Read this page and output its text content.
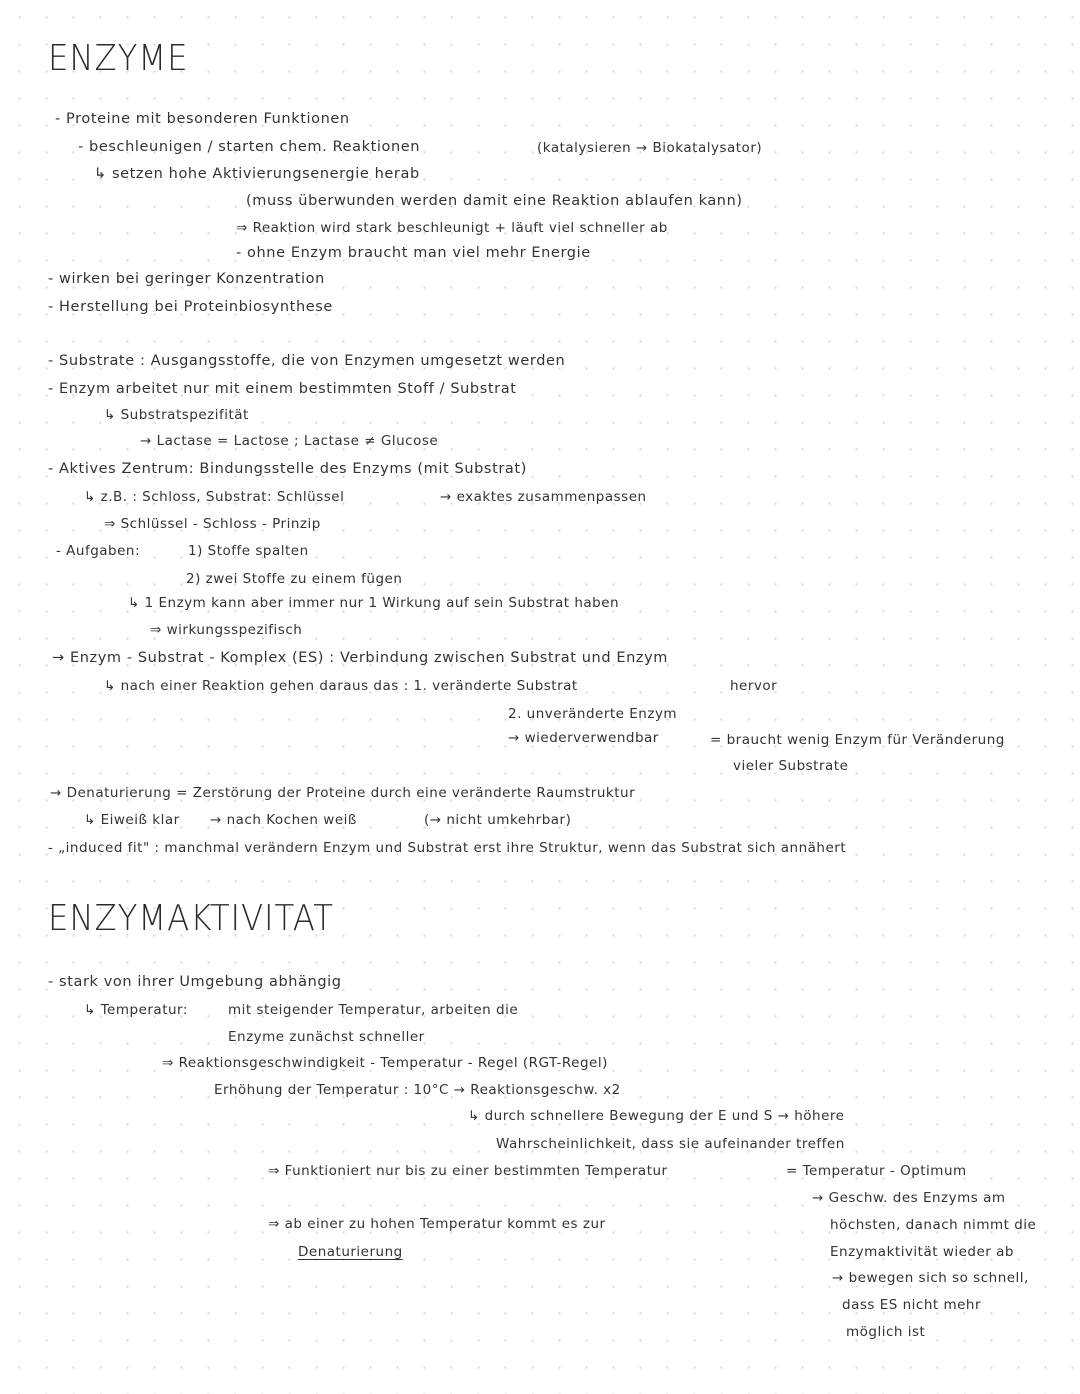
ENZYME
- Proteine mit besonderen Funktionen
- beschleunigen / starten chem. Reaktionen	(katalysieren → Biokatalysator)
↳ setzen hohe Aktivierungsenergie herab
(muss überwunden werden damit eine Reaktion ablaufen kann)
⇒ Reaktion wird stark beschleunigt + läuft viel schneller ab
- ohne Enzym braucht man viel mehr Energie
- wirken bei geringer Konzentration
- Herstellung bei Proteinbiosynthese
- Substrate : Ausgangsstoffe, die von Enzymen umgesetzt werden
- Enzym arbeitet nur mit einem bestimmten Stoff / Substrat
↳ Substratspezifität
→ Lactase = Lactose ; Lactase ≠ Glucose
- Aktives Zentrum: Bindungsstelle des Enzyms (mit Substrat)
↳ z.B. : Schloss, Substrat: Schlüssel	→ exaktes zusammenpassen
⇒ Schlüssel - Schloss - Prinzip
- Aufgaben:	1) Stoffe spalten
2) zwei Stoffe zu einem fügen
↳ 1 Enzym kann aber immer nur 1 Wirkung auf sein Substrat haben
⇒ wirkungsspezifisch
→ Enzym - Substrat - Komplex (ES) : Verbindung zwischen Substrat und Enzym
↳ nach einer Reaktion gehen daraus das : 1. veränderte Substrat	hervor
2. unveränderte Enzym
→ wiederverwendbar	= braucht wenig Enzym für Veränderung
vieler Substrate
→ Denaturierung = Zerstörung der Proteine durch eine veränderte Raumstruktur
↳ Eiweiß klar → nach Kochen weiß	(→ nicht umkehrbar)
- „induced fit" : manchmal verändern Enzym und Substrat erst ihre Struktur, wenn das Substrat sich annähert
ENZYMAKTIVITAT
- stark von ihrer Umgebung abhängig
↳ Temperatur:	mit steigender Temperatur, arbeiten die
Enzyme zunächst schneller
⇒ Reaktionsgeschwindigkeit - Temperatur - Regel (RGT-Regel)
Erhöhung der Temperatur : 10°C → Reaktionsgeschw. x2
↳ durch schnellere Bewegung der E und S → höhere
Wahrscheinlichkeit, dass sie aufeinander treffen
⇒ Funktioniert nur bis zu einer bestimmten Temperatur	= Temperatur - Optimum
→ Geschw. des Enzyms am
höchsten, danach nimmt die
Enzymaktivität wieder ab
→ bewegen sich so schnell,
dass ES nicht mehr
möglich ist
⇒ ab einer zu hohen Temperatur kommt es zur
Denaturierung
